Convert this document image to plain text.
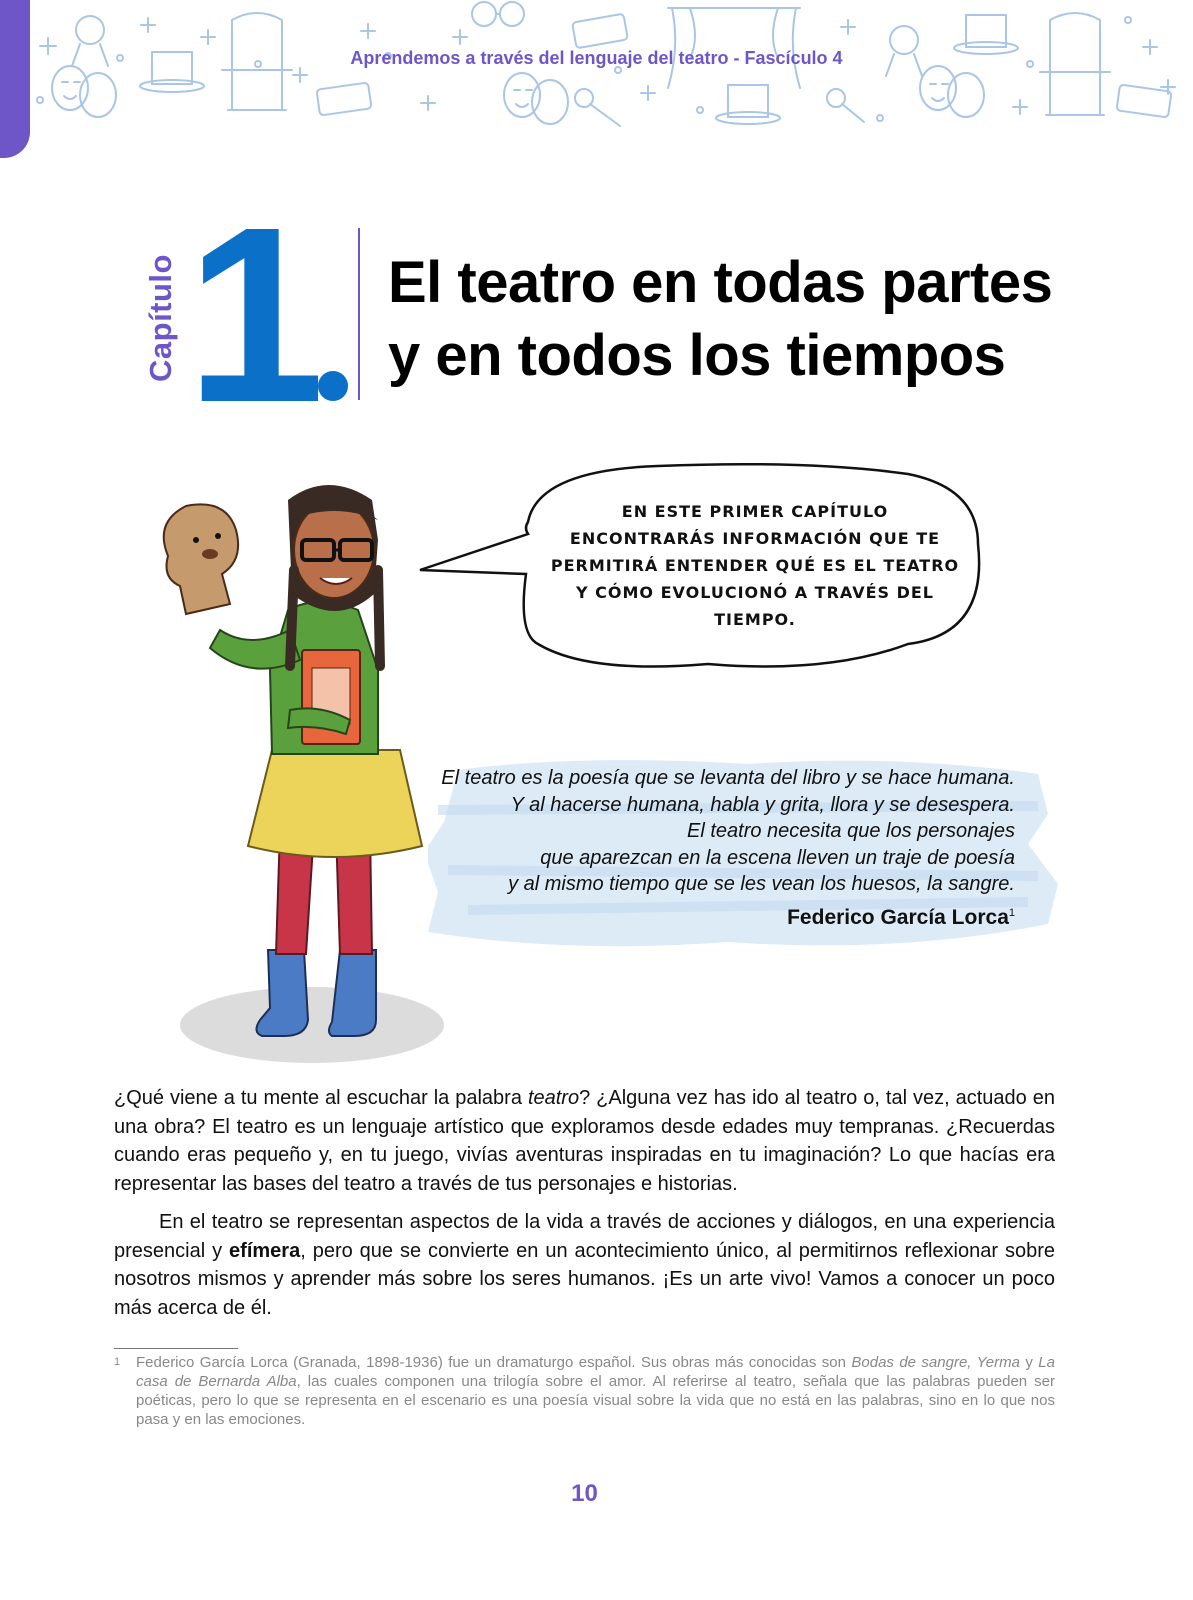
Aprendemos a través del lenguaje del teatro - Fascículo 4
Capítulo 1 El teatro en todas partes
y en todos los tiempos
EN ESTE PRIMER CAPÍTULO
ENCONTRARÁS INFORMACIÓN QUE TE
PERMITIRÁ ENTENDER QUÉ ES EL TEATRO
Y CÓMO EVOLUCIONÓ A TRAVÉS DEL
TIEMPO.
El teatro es la poesía que se levanta del libro y se hace humana.
Y al hacerse humana, habla y grita, llora y se desespera.
El teatro necesita que los personajes
que aparezcan en la escena lleven un traje de poesía
y al mismo tiempo que se les vean los huesos, la sangre.
Federico García Lorca$^1$

¿Qué viene a tu mente al escuchar la palabra teatro? ¿Alguna vez has ido al teatro o, tal vez, actuado en una obra? El teatro es un lenguaje artístico que exploramos desde edades muy tempranas. ¿Recuerdas cuando eras pequeño y, en tu juego, vivías aventuras inspiradas en tu imaginación? Lo que hacías era representar las bases del teatro a través de tus personajes e historias.

En el teatro se representan aspectos de la vida a través de acciones y diálogos, en una experiencia presencial y efímera, pero que se convierte en un acontecimiento único, al permitirnos reflexionar sobre nosotros mismos y aprender más sobre los seres humanos. ¡Es un arte vivo! Vamos a conocer un poco más acerca de él.

1 Federico García Lorca (Granada, 1898-1936) fue un dramaturgo español. Sus obras más conocidas son Bodas de sangre, Yerma y La casa de Bernarda Alba, las cuales componen una trilogía sobre el amor. Al referirse al teatro, señala que las palabras pueden ser poéticas, pero lo que se representa en el escenario es una poesía visual sobre la vida que no está en las palabras, sino en lo que nos pasa y en las emociones.
10
